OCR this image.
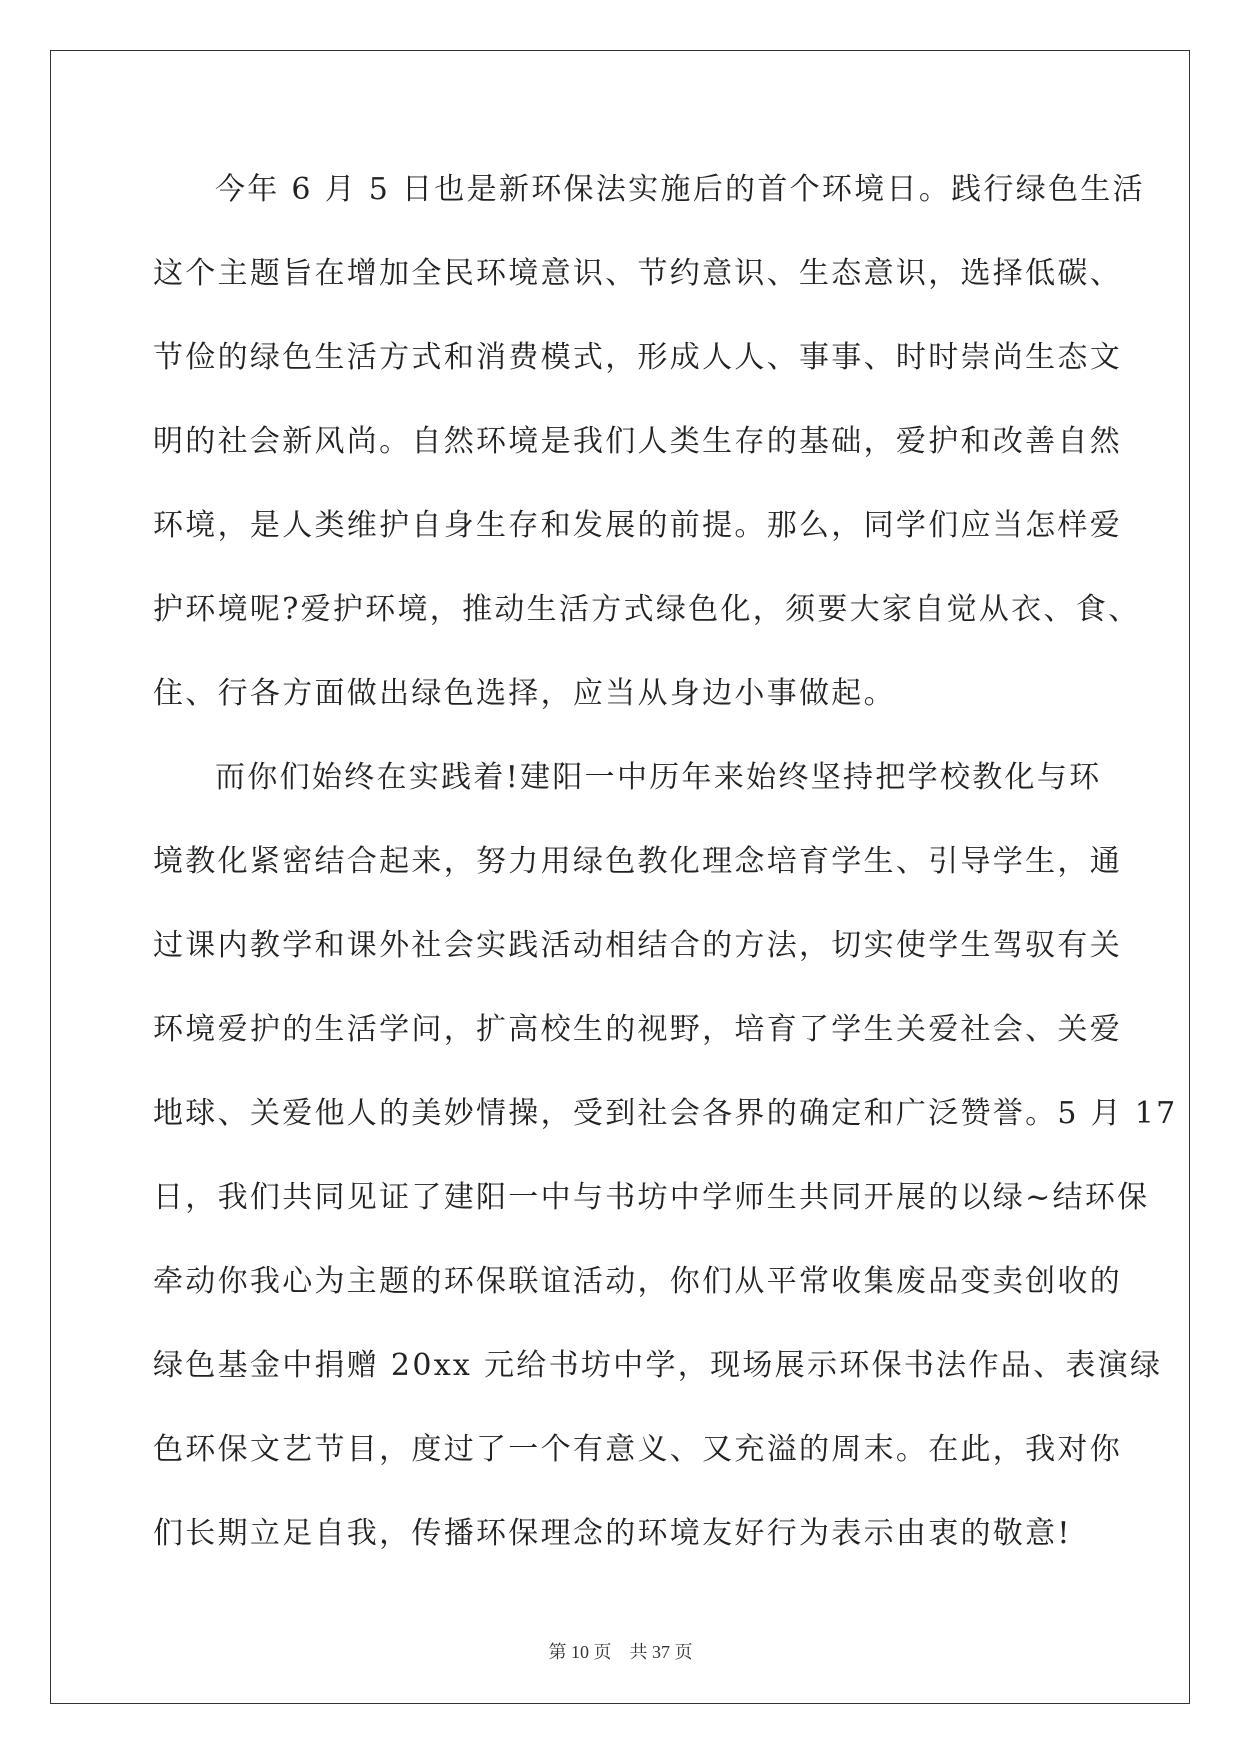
今年 6 月 5 日也是新环保法实施后的首个环境日。践行绿色生活
这个主题旨在增加全民环境意识、节约意识、生态意识，选择低碳、
节俭的绿色生活方式和消费模式，形成人人、事事、时时崇尚生态文
明的社会新风尚。自然环境是我们人类生存的基础，爱护和改善自然
环境，是人类维护自身生存和发展的前提。那么，同学们应当怎样爱
护环境呢?爱护环境，推动生活方式绿色化，须要大家自觉从衣、食、
住、行各方面做出绿色选择，应当从身边小事做起。
而你们始终在实践着!建阳一中历年来始终坚持把学校教化与环
境教化紧密结合起来，努力用绿色教化理念培育学生、引导学生，通
过课内教学和课外社会实践活动相结合的方法，切实使学生驾驭有关
环境爱护的生活学问，扩高校生的视野，培育了学生关爱社会、关爱
地球、关爱他人的美妙情操，受到社会各界的确定和广泛赞誉。5 月 17
日，我们共同见证了建阳一中与书坊中学师生共同开展的以绿~结环保
牵动你我心为主题的环保联谊活动，你们从平常收集废品变卖创收的
绿色基金中捐赠 20xx 元给书坊中学，现场展示环保书法作品、表演绿
色环保文艺节目，度过了一个有意义、又充溢的周末。在此，我对你
们长期立足自我，传播环保理念的环境友好行为表示由衷的敬意!
第 10 页　共 37 页
